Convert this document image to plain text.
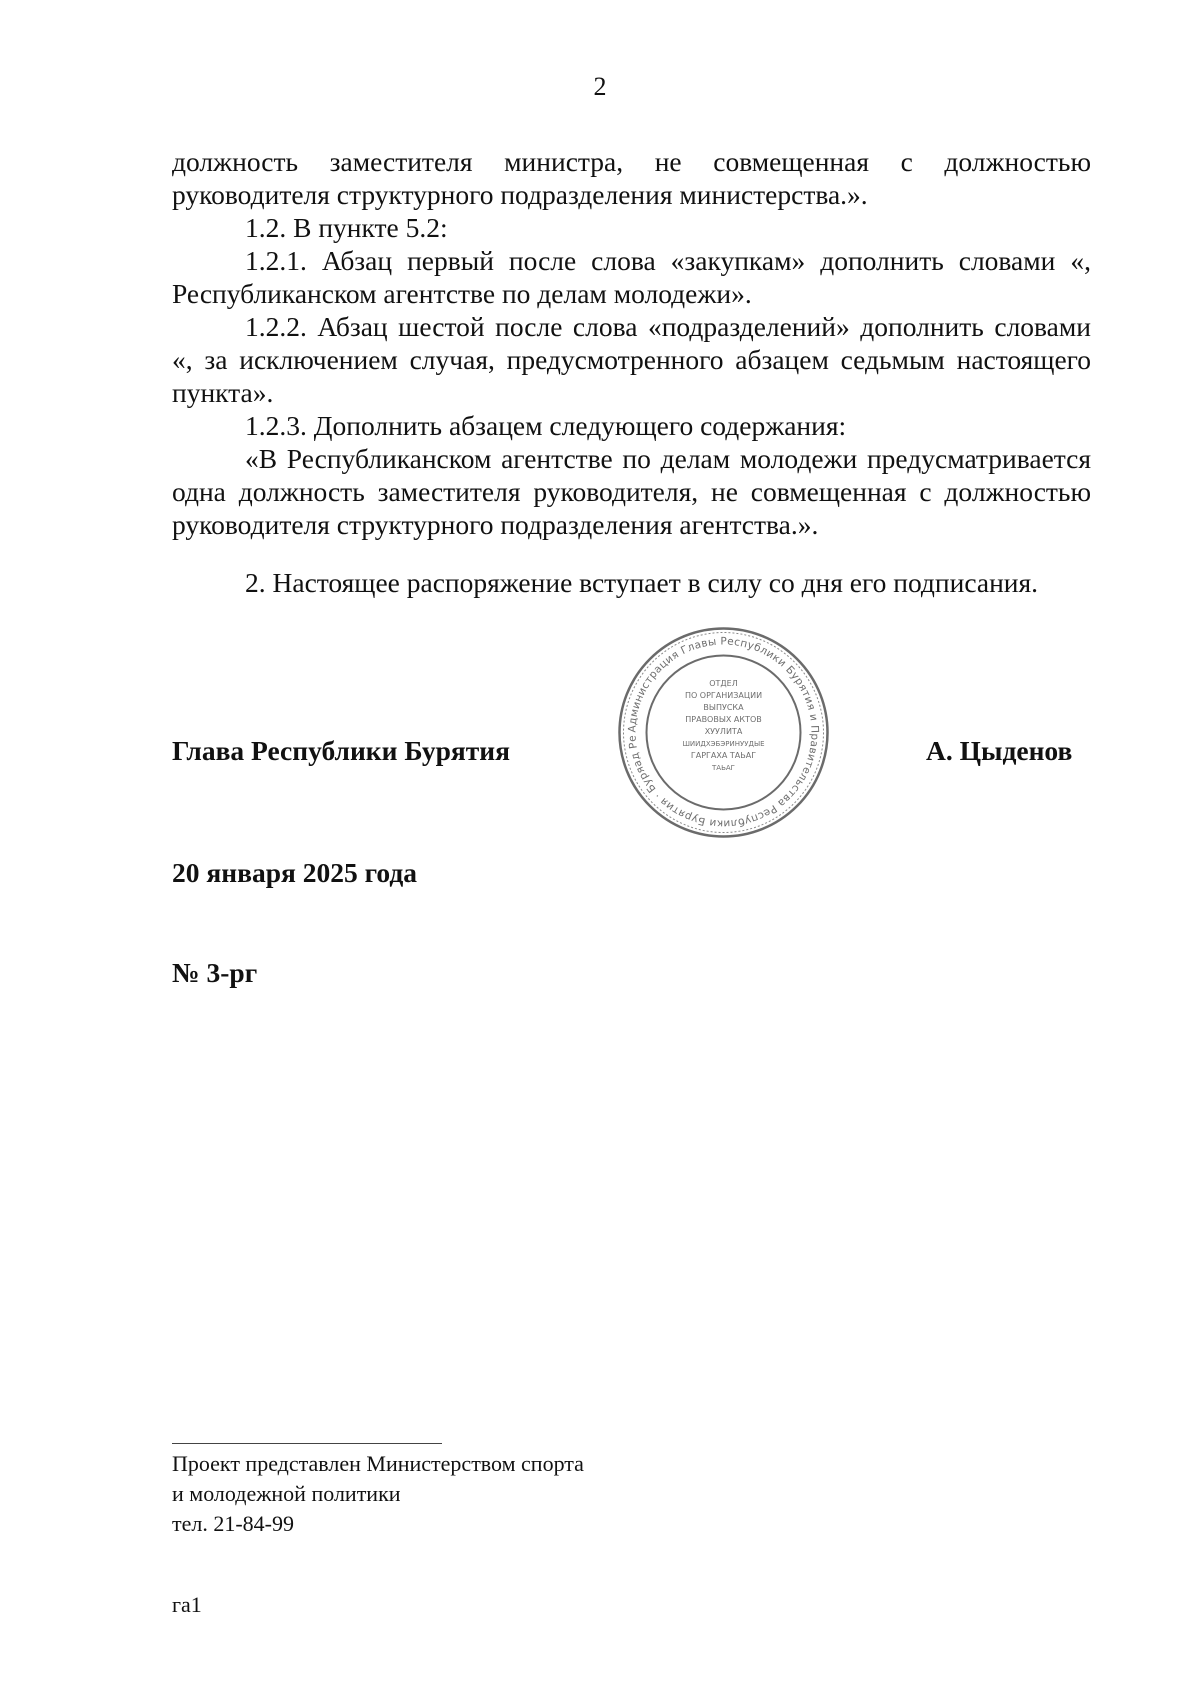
2

должность заместителя министра, не совмещенная с должностью руководителя структурного подразделения министерства.».

1.2. В пункте 5.2:

1.2.1. Абзац первый после слова «закупкам» дополнить словами «, Республиканском агентстве по делам молодежи».

1.2.2. Абзац шестой после слова «подразделений» дополнить словами «, за исключением случая, предусмотренного абзацем седьмым настоящего пункта».

1.2.3. Дополнить абзацем следующего содержания:

«В Республиканском агентстве по делам молодежи предусматривается одна должность заместителя руководителя, не совмещенная с должностью руководителя структурного подразделения агентства.».

2. Настоящее распоряжение вступает в силу со дня его подписания.

Глава Республики Бурятия
Администрация Главы Республики Бурятия и Правительства Республики Бурятия · Буряад Ре
ОТДЕЛ
ПО ОРГАНИЗАЦИИ
ВЫПУСКА
ПРАВОВЫХ АКТОВ
ХУУЛИТА
ШИИДХЭБЭРИНУУДЫЕ
ГАРГАХА ТАЬАГ
ТАЬАГ
А. Цыденов
20 января 2025 года
№ 3-рг
Проект представлен Министерством спорта
и молодежной политики
тел. 21-84-99
га1
